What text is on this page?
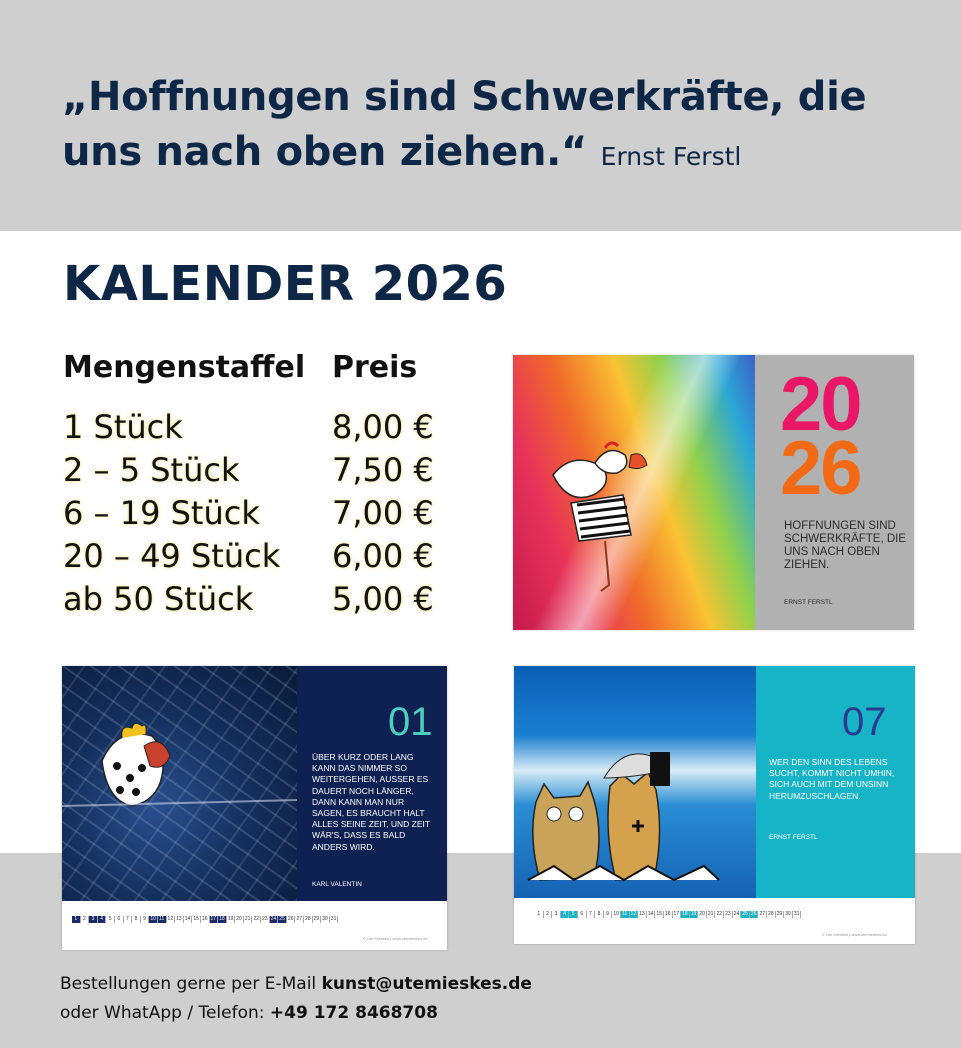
„Hoffnungen sind Schwerkräfte, die
uns nach oben ziehen.“ Ernst Ferstl
KALENDER 2026
Mengenstaffel Preis
1 Stück	8,00 €
2 – 5 Stück	7,50 €
6 – 19 Stück 7,00 €
20 – 49 Stück 6,00 €
ab 50 Stück 5,00 €
20
26
HOFFNUNGEN SIND SCHWERKRÄFTE, DIE UNS NACH OBEN ZIEHEN.
ERNST FERSTL
01
ÜBER KURZ ODER LANG KANN DAS NIMMER SO WEITERGEHEN, AUSSER ES DAUERT NOCH LÄNGER, DANN KANN MAN NUR SAGEN, ES BRAUCHT HALT ALLES SEINE ZEIT, UND ZEIT WÄR'S, DASS ES BALD ANDERS WIRD.
KARL VALENTIN
1	2	3	4	5	6	7	8	9 10 11 12 13 14 15 16 17 18 19 20 21 22 23 24 25 26 27 28 29 30 31
© Ute Mieskes | www.utemieskes.de
07
WER DEN SINN DES LEBENS SUCHT, KOMMT NICHT UMHIN, SICH AUCH MIT DEM UNSINN HERUMZUSCHLAGEN.
ERNST FERSTL
1	2	3	4	5	6	7	8	9 10 11 12 13 14 15 16 17 18 19 20 21 22 23 24 25 26 27 28 29 30 31
© Ute Mieskes | www.utemieskes.de
Bestellungen gerne per E-Mail kunst@utemieskes.de
oder WhatApp / Telefon: +49 172 8468708
